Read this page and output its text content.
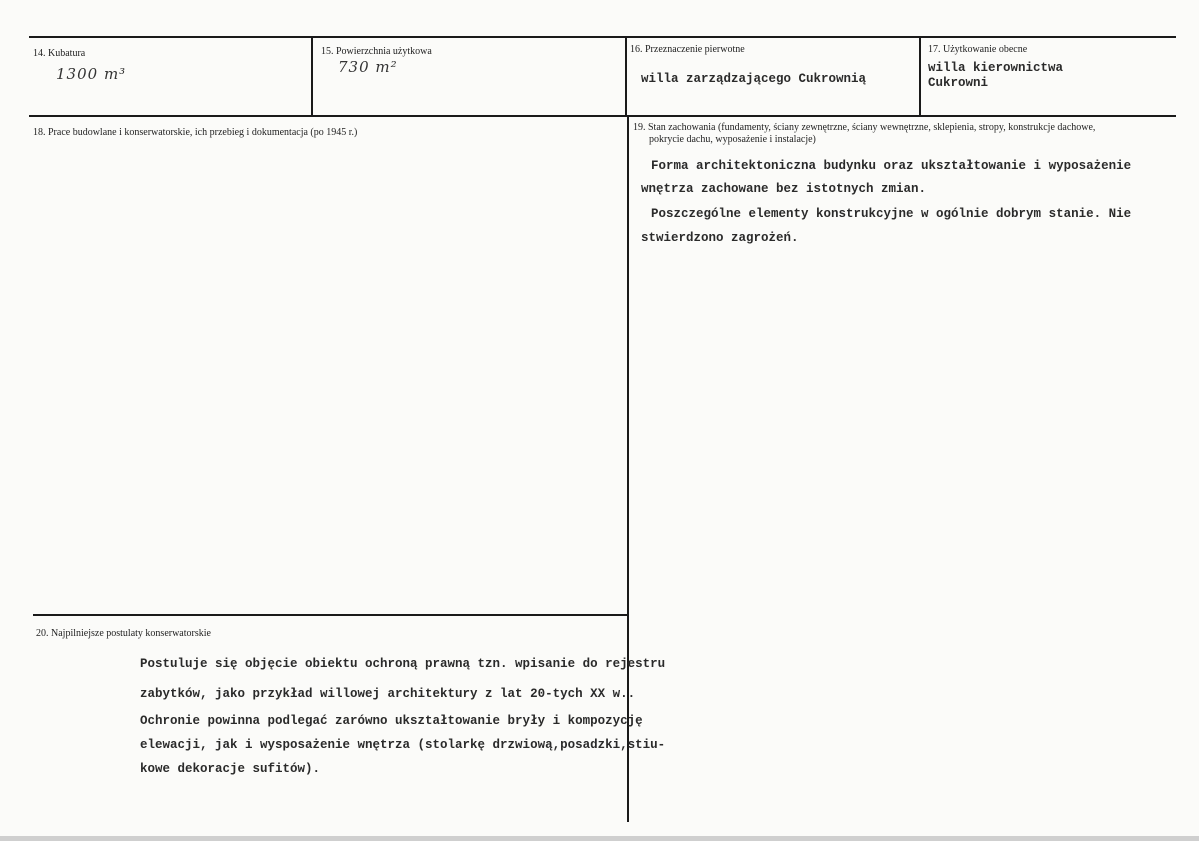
14. Kubatura
1300 m³
15. Powierzchnia użytkowa
730 m²
16. Przeznaczenie pierwotne
willa zarządzającego Cukrownią
17. Użytkowanie obecne
willa kierownictwa
Cukrowni
18. Prace budowlane i konserwatorskie, ich przebieg i dokumentacja (po 1945 r.)	19. Stan zachowania (fundamenty, ściany zewnętrzne, ściany wewnętrzne, sklepienia, stropy, konstrukcje dachowe,
pokrycie dachu, wyposażenie i instalacje)
Forma architektoniczna budynku oraz ukształtowanie i wyposażenie
wnętrza zachowane bez istotnych zmian.
Poszczególne elementy konstrukcyjne w ogólnie dobrym stanie. Nie
stwierdzono zagrożeń.
20. Najpilniejsze postulaty konserwatorskie
Postuluje się objęcie obiektu ochroną prawną tzn. wpisanie do rejestru
zabytków, jako przykład willowej architektury z lat 20-tych XX w..
Ochronie powinna podlegać zarówno ukształtowanie bryły i kompozycję
elewacji, jak i wysposażenie wnętrza (stolarkę drzwiową,posadzki,stiu-
kowe dekoracje sufitów).
